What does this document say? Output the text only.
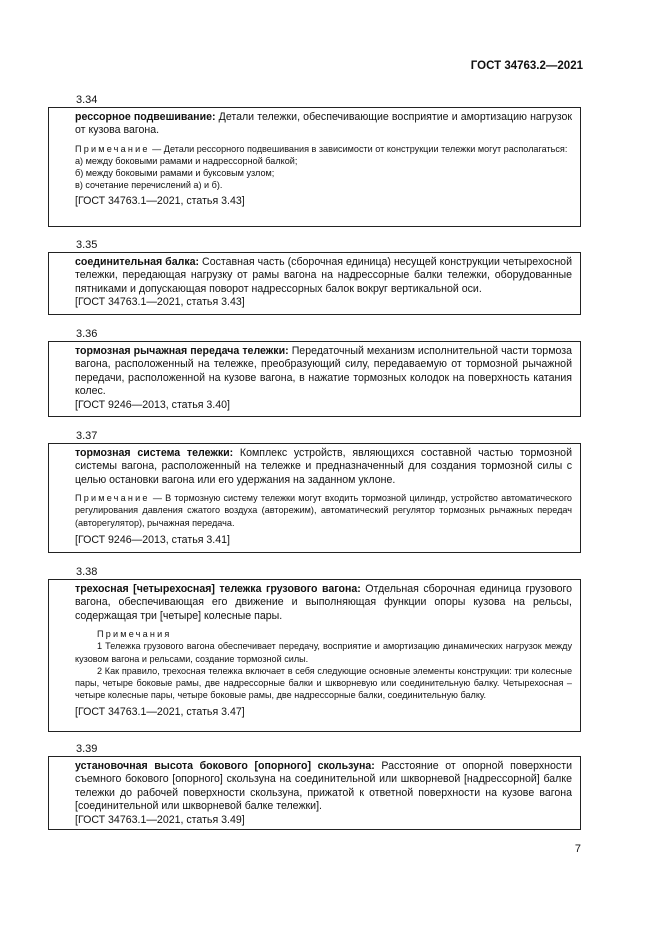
ГОСТ 34763.2—2021
3.34
рессорное подвешивание: Детали тележки, обеспечивающие восприятие и амортизацию нагрузок от кузова вагона.
Примечание — Детали рессорного подвешивания в зависимости от конструкции тележки могут располагаться:
а) между боковыми рамами и надрессорной балкой;
б) между боковыми рамами и буксовым узлом;
в) сочетание перечислений а) и б).
[ГОСТ 34763.1—2021, статья 3.43]
3.35
соединительная балка: Составная часть (сборочная единица) несущей конструкции четырехосной тележки, передающая нагрузку от рамы вагона на надрессорные балки тележки, оборудованные пятниками и допускающая поворот надрессорных балок вокруг вертикальной оси.
[ГОСТ 34763.1—2021, статья 3.43]
3.36
тормозная рычажная передача тележки: Передаточный механизм исполнительной части тормоза вагона, расположенный на тележке, преобразующий силу, передаваемую от тормозной рычажной передачи, расположенной на кузове вагона, в нажатие тормозных колодок на поверхность катания колес.
[ГОСТ 9246—2013, статья 3.40]
3.37
тормозная система тележки: Комплекс устройств, являющихся составной частью тормозной системы вагона, расположенный на тележке и предназначенный для создания тормозной силы с целью остановки вагона или его удержания на заданном уклоне.
Примечание — В тормозную систему тележки могут входить тормозной цилиндр, устройство автоматического регулирования давления сжатого воздуха (авторежим), автоматический регулятор тормозных рычажных передач (авторегулятор), рычажная передача.
[ГОСТ 9246—2013, статья 3.41]
3.38
трехосная [четырехосная] тележка грузового вагона: Отдельная сборочная единица грузового вагона, обеспечивающая его движение и выполняющая функции опоры кузова на рельсы, содержащая три [четыре] колесные пары.
Примечания
1 Тележка грузового вагона обеспечивает передачу, восприятие и амортизацию динамических нагрузок между кузовом вагона и рельсами, создание тормозной силы.
2 Как правило, трехосная тележка включает в себя следующие основные элементы конструкции: три колесные пары, четыре боковые рамы, две надрессорные балки и шкворневую или соединительную балку. Четырехосная – четыре колесные пары, четыре боковые рамы, две надрессорные балки, соединительную балку.
[ГОСТ 34763.1—2021, статья 3.47]
3.39
установочная высота бокового [опорного] скользуна: Расстояние от опорной поверхности съемного бокового [опорного] скользуна на соединительной или шкворневой [надрессорной] балке тележки до рабочей поверхности скользуна, прижатой к ответной поверхности на кузове вагона [соединительной или шкворневой балке тележки].
[ГОСТ 34763.1—2021, статья 3.49]
7
